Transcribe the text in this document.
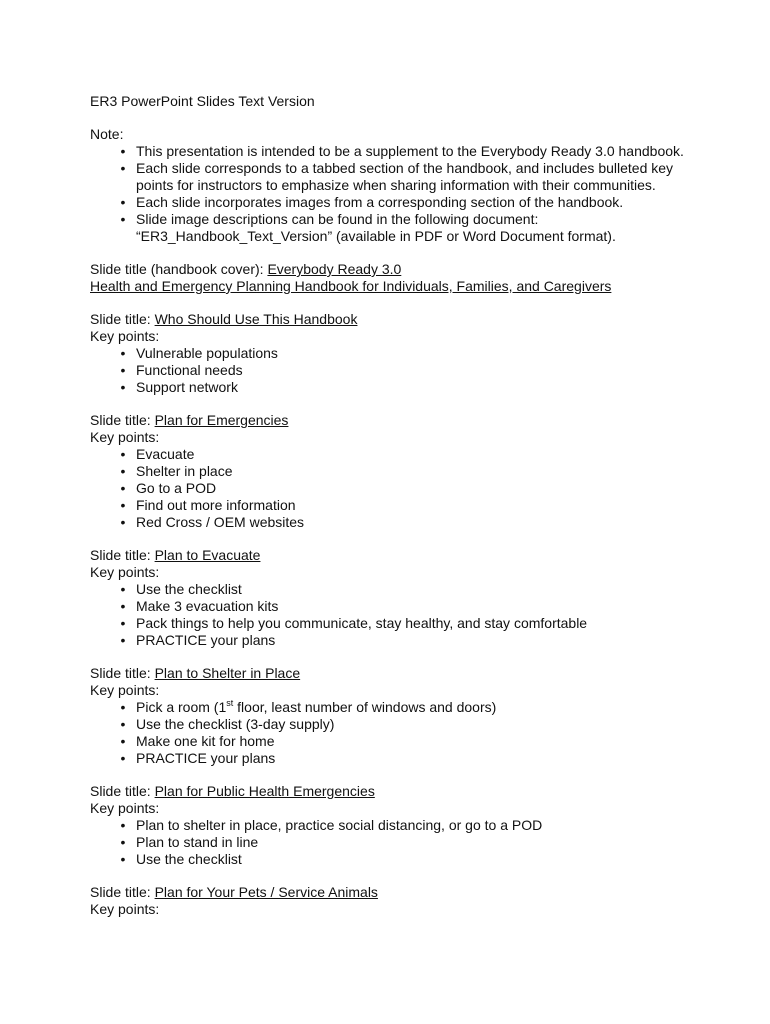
ER3 PowerPoint Slides Text Version

Note:

• This presentation is intended to be a supplement to the Everybody Ready 3.0 handbook.
• Each slide corresponds to a tabbed section of the handbook, and includes bulleted key
points for instructors to emphasize when sharing information with their communities.
• Each slide incorporates images from a corresponding section of the handbook.
• Slide image descriptions can be found in the following document:
“ER3_Handbook_Text_Version” (available in PDF or Word Document format).

Slide title (handbook cover): Everybody Ready 3.0

Health and Emergency Planning Handbook for Individuals, Families, and Caregivers

Slide title: Who Should Use This Handbook

Key points:

• Vulnerable populations
• Functional needs
• Support network

Slide title: Plan for Emergencies

Key points:

• Evacuate
• Shelter in place
• Go to a POD
• Find out more information
• Red Cross / OEM websites

Slide title: Plan to Evacuate

Key points:

• Use the checklist
• Make 3 evacuation kits
• Pack things to help you communicate, stay healthy, and stay comfortable
• PRACTICE your plans

Slide title: Plan to Shelter in Place

Key points:

• Pick a room (1st floor, least number of windows and doors)
• Use the checklist (3-day supply)
• Make one kit for home
• PRACTICE your plans

Slide title: Plan for Public Health Emergencies

Key points:

• Plan to shelter in place, practice social distancing, or go to a POD
• Plan to stand in line
• Use the checklist

Slide title: Plan for Your Pets / Service Animals

Key points:
